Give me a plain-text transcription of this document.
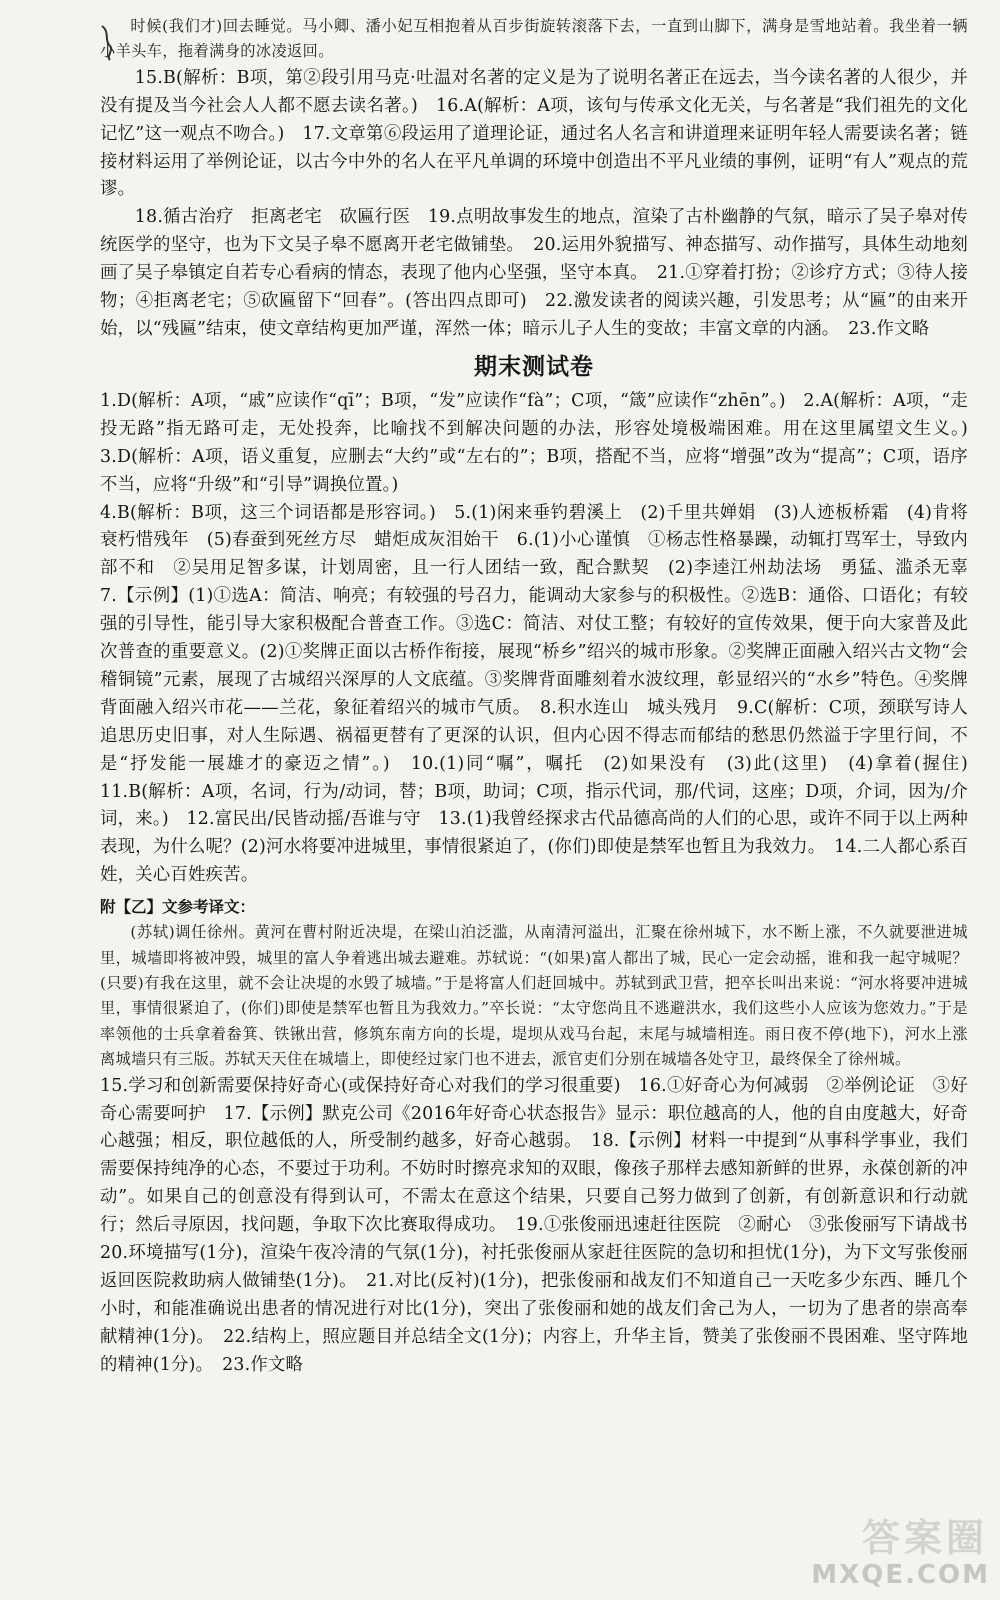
时候(我们才)回去睡觉。马小卿、潘小妃互相抱着从百步街旋转滚落下去，一直到山脚下，满身是雪地站着。我坐着一辆小羊头车，拖着满身的冰凌返回。

15.B(解析：B项，第②段引用马克·吐温对名著的定义是为了说明名著正在远去，当今读名著的人很少，并没有提及当今社会人人都不愿去读名著。)　16.A(解析：A项，该句与传承文化无关，与名著是“我们祖先的文化记忆”这一观点不吻合。)　17.文章第⑥段运用了道理论证，通过名人名言和讲道理来证明年轻人需要读名著；链接材料运用了举例论证，以古今中外的名人在平凡单调的环境中创造出不平凡业绩的事例，证明“有人”观点的荒谬。

18.循古治疗　拒离老宅　砍匾行医　19.点明故事发生的地点，渲染了古朴幽静的气氛，暗示了吴子皋对传统医学的坚守，也为下文吴子皋不愿离开老宅做铺垫。　20.运用外貌描写、神态描写、动作描写，具体生动地刻画了吴子皋镇定自若专心看病的情态，表现了他内心坚强，坚守本真。　21.①穿着打扮；②诊疗方式；③待人接物；④拒离老宅；⑤砍匾留下“回春”。(答出四点即可)　22.激发读者的阅读兴趣，引发思考；从“匾”的由来开始，以“残匾”结束，使文章结构更加严谨，浑然一体；暗示儿子人生的变故；丰富文章的内涵。　23.作文略

期末测试卷

1.D(解析：A项，“戚”应读作“qī”；B项，“发”应读作“fà”；C项，“箴”应读作“zhēn”。)　2.A(解析：A项，“走投无路”指无路可走，无处投奔，比喻找不到解决问题的办法，形容处境极端困难。用在这里属望文生义。)　3.D(解析：A项，语义重复，应删去“大约”或“左右的”；B项，搭配不当，应将“增强”改为“提高”；C项，语序不当，应将“升级”和“引导”调换位置。)

4.B(解析：B项，这三个词语都是形容词。)　5.(1)闲来垂钓碧溪上　(2)千里共婵娟　(3)人迹板桥霜　(4)肯将衰朽惜残年　(5)春蚕到死丝方尽　蜡炬成灰泪始干　6.(1)小心谨慎　①杨志性格暴躁，动辄打骂军士，导致内部不和　②吴用足智多谋，计划周密，且一行人团结一致，配合默契　(2)李逵江州劫法场　勇猛、滥杀无辜　7.【示例】(1)①选A：简洁、响亮；有较强的号召力，能调动大家参与的积极性。②选B：通俗、口语化；有较强的引导性，能引导大家积极配合普查工作。③选C：简洁、对仗工整；有较好的宣传效果，便于向大家普及此次普查的重要意义。(2)①奖牌正面以古桥作衔接，展现“桥乡”绍兴的城市形象。②奖牌正面融入绍兴古文物“会稽铜镜”元素，展现了古城绍兴深厚的人文底蕴。③奖牌背面雕刻着水波纹理，彰显绍兴的“水乡”特色。④奖牌背面融入绍兴市花——兰花，象征着绍兴的城市气质。　8.积水连山　城头残月　9.C(解析：C项，颈联写诗人追思历史旧事，对人生际遇、祸福更替有了更深的认识，但内心因不得志而郁结的愁思仍然溢于字里行间，不是“抒发能一展雄才的豪迈之情”。)　10.(1)同“嘱”，嘱托　(2)如果没有　(3)此(这里)　(4)拿着(握住)　11.B(解析：A项，名词，行为/动词，替；B项，助词；C项，指示代词，那/代词，这座；D项，介词，因为/介词，来。)　12.富民出/民皆动摇/吾谁与守　13.(1)我曾经探求古代品德高尚的人们的心思，或许不同于以上两种表现，为什么呢？(2)河水将要冲进城里，事情很紧迫了，(你们)即使是禁军也暂且为我效力。　14.二人都心系百姓，关心百姓疾苦。

附【乙】文参考译文：

(苏轼)调任徐州。黄河在曹村附近决堤，在梁山泊泛滥，从南清河溢出，汇聚在徐州城下，水不断上涨，不久就要泄进城里，城墙即将被冲毁，城里的富人争着逃出城去避难。苏轼说：“(如果)富人都出了城，民心一定会动摇，谁和我一起守城呢？(只要)有我在这里，就不会让决堤的水毁了城墙。”于是将富人们赶回城中。苏轼到武卫营，把卒长叫出来说：“河水将要冲进城里，事情很紧迫了，(你们)即使是禁军也暂且为我效力。”卒长说：“太守您尚且不逃避洪水，我们这些小人应该为您效力。”于是率领他的士兵拿着畚箕、铁锹出营，修筑东南方向的长堤，堤坝从戏马台起，末尾与城墙相连。雨日夜不停(地下)，河水上涨离城墙只有三版。苏轼天天住在城墙上，即使经过家门也不进去，派官吏们分别在城墙各处守卫，最终保全了徐州城。

15.学习和创新需要保持好奇心(或保持好奇心对我们的学习很重要)　16.①好奇心为何减弱　②举例论证　③好奇心需要呵护　17.【示例】默克公司《2016年好奇心状态报告》显示：职位越高的人，他的自由度越大，好奇心越强；相反，职位越低的人，所受制约越多，好奇心越弱。　18.【示例】材料一中提到“从事科学事业，我们需要保持纯净的心态，不要过于功利。不妨时时擦亮求知的双眼，像孩子那样去感知新鲜的世界，永葆创新的冲动”。如果自己的创意没有得到认可，不需太在意这个结果，只要自己努力做到了创新，有创新意识和行动就行；然后寻原因，找问题，争取下次比赛取得成功。　19.①张俊丽迅速赶往医院　②耐心　③张俊丽写下请战书　20.环境描写(1分)，渲染午夜冷清的气氛(1分)，衬托张俊丽从家赶往医院的急切和担忧(1分)，为下文写张俊丽返回医院救助病人做铺垫(1分)。　21.对比(反衬)(1分)，把张俊丽和战友们不知道自己一天吃多少东西、睡几个小时，和能准确说出患者的情况进行对比(1分)，突出了张俊丽和她的战友们舍己为人，一切为了患者的崇高奉献精神(1分)。　22.结构上，照应题目并总结全文(1分)；内容上，升华主旨，赞美了张俊丽不畏困难、坚守阵地的精神(1分)。　23.作文略

答案圈
MXQE.COM
